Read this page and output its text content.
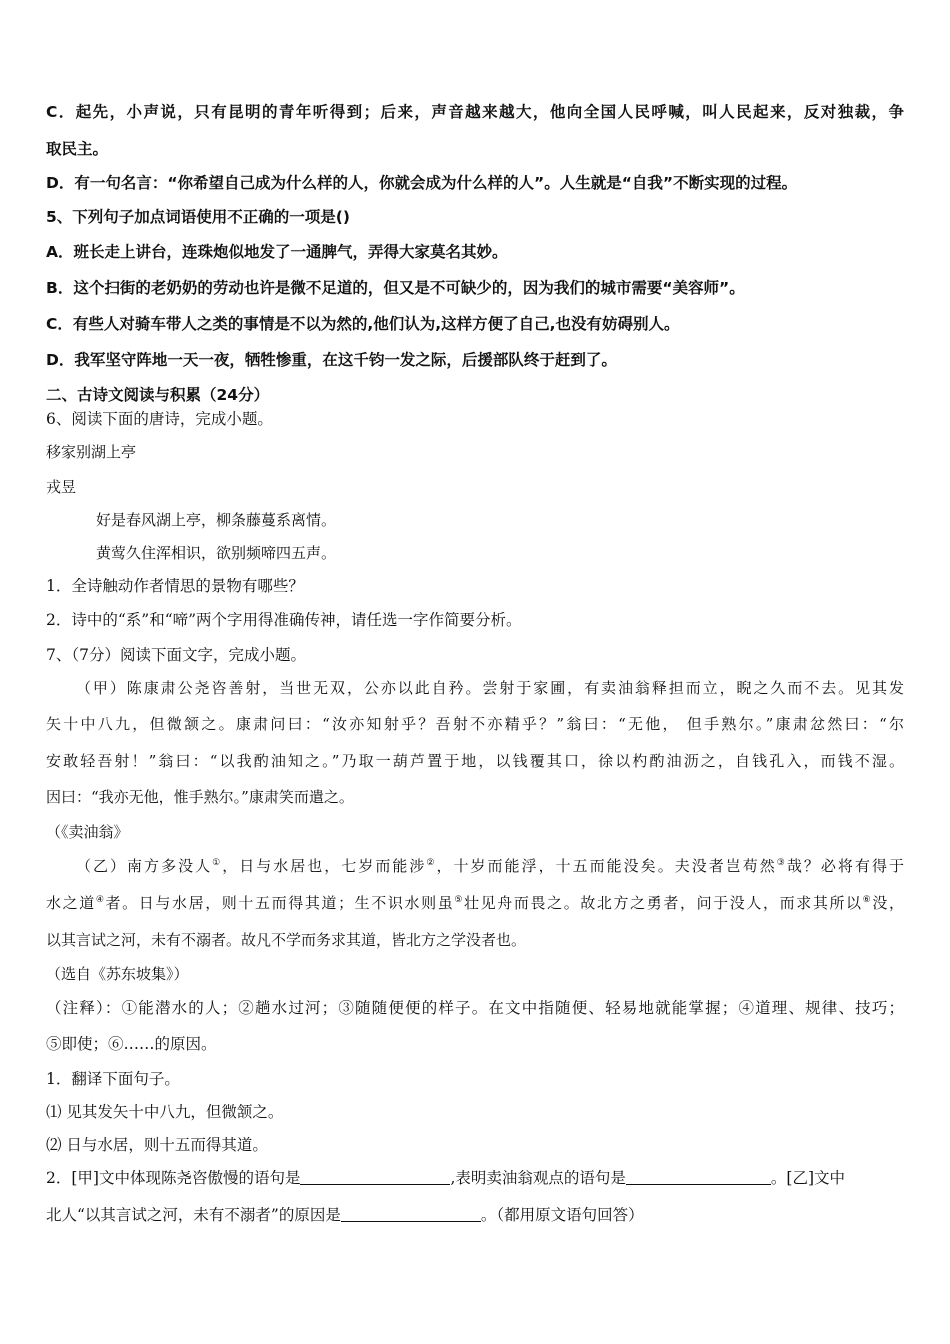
C．起先，小声说，只有昆明的青年听得到；后来，声音越来越大，他向全国人民呼喊，叫人民起来，反对独裁，争
取民主。
D．有一句名言：“你希望自己成为什么样的人，你就会成为什么样的人”。人生就是“自我”不断实现的过程。
5、下列句子加点词语使用不正确的一项是()
A．班长走上讲台，连珠炮似地发了一通脾气，弄得大家莫名其妙。
B．这个扫街的老奶奶的劳动也许是微不足道的，但又是不可缺少的，因为我们的城市需要“美容师”。
C．有些人对骑车带人之类的事情是不以为然的,他们认为,这样方便了自己,也没有妨碍别人。
D．我军坚守阵地一天一夜，牺牲惨重，在这千钧一发之际，后援部队终于赶到了。
二、古诗文阅读与积累（24分）
6、阅读下面的唐诗，完成小题。
移家别湖上亭
戎昱
好是春风湖上亭，柳条藤蔓系离情。
黄莺久住浑相识，欲别频啼四五声。
1．全诗触动作者情思的景物有哪些？
2．诗中的“系”和“啼”两个字用得准确传神，请任选一字作简要分析。
7、（7分）阅读下面文字，完成小题。
（甲）陈康肃公尧咨善射，当世无双，公亦以此自矜。尝射于家圃，有卖油翁释担而立，睨之久而不去。见其发
矢十中八九，但微颔之。康肃问曰：“汝亦知射乎？吾射不亦精乎？”翁曰：“无他， 但手熟尔。”康肃忿然曰：“尔
安敢轻吾射！”翁曰：“以我酌油知之。”乃取一葫芦置于地，以钱覆其口，徐以杓酌油沥之，自钱孔入，而钱不湿。
因曰：“我亦无他，惟手熟尔。”康肃笑而遣之。
（《卖油翁》
（乙）南方多没人①，日与水居也，七岁而能涉②，十岁而能浮，十五而能没矣。夫没者岂苟然③哉？必将有得于
水之道④者。日与水居，则十五而得其道；生不识水则虽⑤壮见舟而畏之。故北方之勇者，问于没人，而求其所以⑥没，
以其言试之河，未有不溺者。故凡不学而务求其道，皆北方之学没者也。
（选自《苏东坡集》）
（注释）：①能潜水的人；②趟水过河；③随随便便的样子。在文中指随便、轻易地就能掌握；④道理、规律、技巧；
⑤即使；⑥……的原因。
1．翻译下面句子。
⑴ 见其发矢十中八九，但微颔之。
⑵ 日与水居，则十五而得其道。
2．[甲]文中体现陈尧咨傲慢的语句是	,表明卖油翁观点的语句是	。[乙]文中
北人“以其言试之河，未有不溺者”的原因是	。（都用原文语句回答）
